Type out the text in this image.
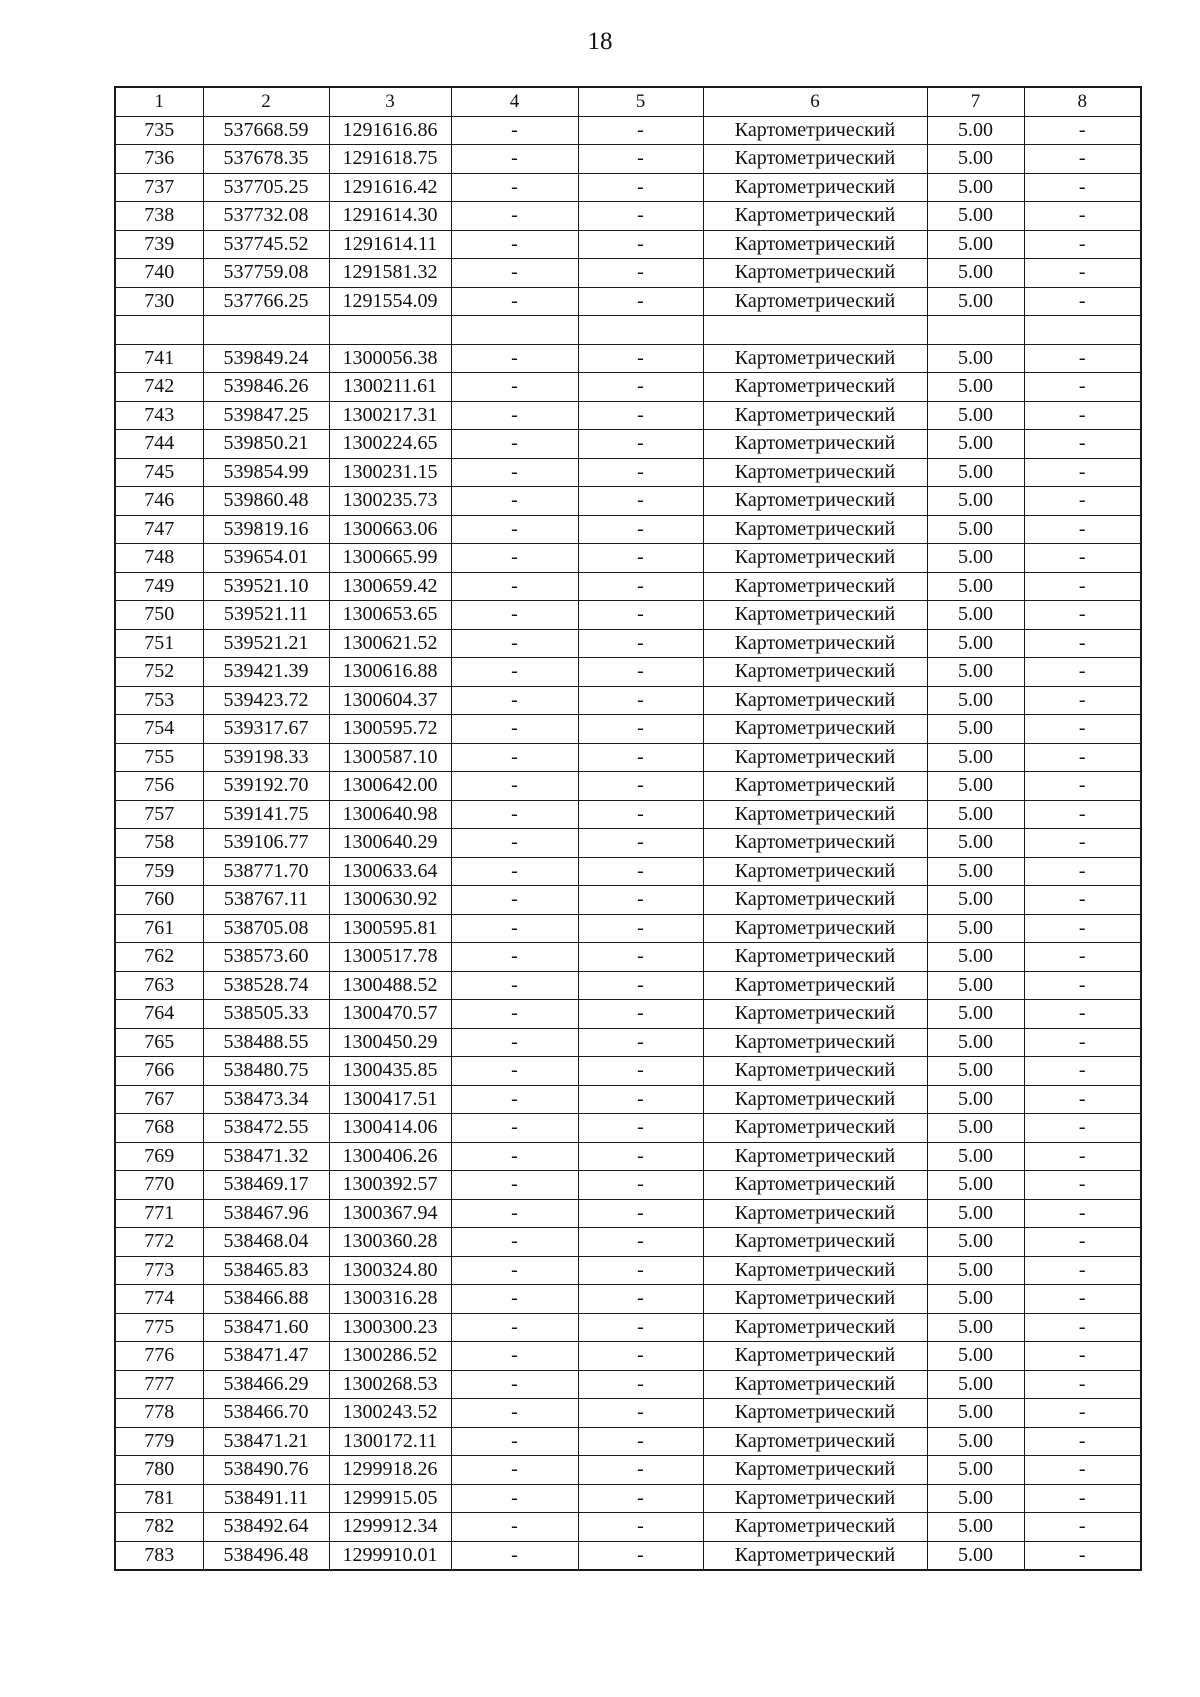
18
1	2	3	4	5	6	7	8
735	537668.59	1291616.86	-	-	Картометрический	5.00	-
736	537678.35	1291618.75	-	-	Картометрический	5.00	-
737	537705.25	1291616.42	-	-	Картометрический	5.00	-
738	537732.08	1291614.30	-	-	Картометрический	5.00	-
739	537745.52	1291614.11	-	-	Картометрический	5.00	-
740	537759.08	1291581.32	-	-	Картометрический	5.00	-
730	537766.25	1291554.09	-	-	Картометрический	5.00	-

741	539849.24	1300056.38	-	-	Картометрический	5.00	-
742	539846.26	1300211.61	-	-	Картометрический	5.00	-
743	539847.25	1300217.31	-	-	Картометрический	5.00	-
744	539850.21	1300224.65	-	-	Картометрический	5.00	-
745	539854.99	1300231.15	-	-	Картометрический	5.00	-
746	539860.48	1300235.73	-	-	Картометрический	5.00	-
747	539819.16	1300663.06	-	-	Картометрический	5.00	-
748	539654.01	1300665.99	-	-	Картометрический	5.00	-
749	539521.10	1300659.42	-	-	Картометрический	5.00	-
750	539521.11	1300653.65	-	-	Картометрический	5.00	-
751	539521.21	1300621.52	-	-	Картометрический	5.00	-
752	539421.39	1300616.88	-	-	Картометрический	5.00	-
753	539423.72	1300604.37	-	-	Картометрический	5.00	-
754	539317.67	1300595.72	-	-	Картометрический	5.00	-
755	539198.33	1300587.10	-	-	Картометрический	5.00	-
756	539192.70	1300642.00	-	-	Картометрический	5.00	-
757	539141.75	1300640.98	-	-	Картометрический	5.00	-
758	539106.77	1300640.29	-	-	Картометрический	5.00	-
759	538771.70	1300633.64	-	-	Картометрический	5.00	-
760	538767.11	1300630.92	-	-	Картометрический	5.00	-
761	538705.08	1300595.81	-	-	Картометрический	5.00	-
762	538573.60	1300517.78	-	-	Картометрический	5.00	-
763	538528.74	1300488.52	-	-	Картометрический	5.00	-
764	538505.33	1300470.57	-	-	Картометрический	5.00	-
765	538488.55	1300450.29	-	-	Картометрический	5.00	-
766	538480.75	1300435.85	-	-	Картометрический	5.00	-
767	538473.34	1300417.51	-	-	Картометрический	5.00	-
768	538472.55	1300414.06	-	-	Картометрический	5.00	-
769	538471.32	1300406.26	-	-	Картометрический	5.00	-
770	538469.17	1300392.57	-	-	Картометрический	5.00	-
771	538467.96	1300367.94	-	-	Картометрический	5.00	-
772	538468.04	1300360.28	-	-	Картометрический	5.00	-
773	538465.83	1300324.80	-	-	Картометрический	5.00	-
774	538466.88	1300316.28	-	-	Картометрический	5.00	-
775	538471.60	1300300.23	-	-	Картометрический	5.00	-
776	538471.47	1300286.52	-	-	Картометрический	5.00	-
777	538466.29	1300268.53	-	-	Картометрический	5.00	-
778	538466.70	1300243.52	-	-	Картометрический	5.00	-
779	538471.21	1300172.11	-	-	Картометрический	5.00	-
780	538490.76	1299918.26	-	-	Картометрический	5.00	-
781	538491.11	1299915.05	-	-	Картометрический	5.00	-
782	538492.64	1299912.34	-	-	Картометрический	5.00	-
783	538496.48	1299910.01	-	-	Картометрический	5.00	-
